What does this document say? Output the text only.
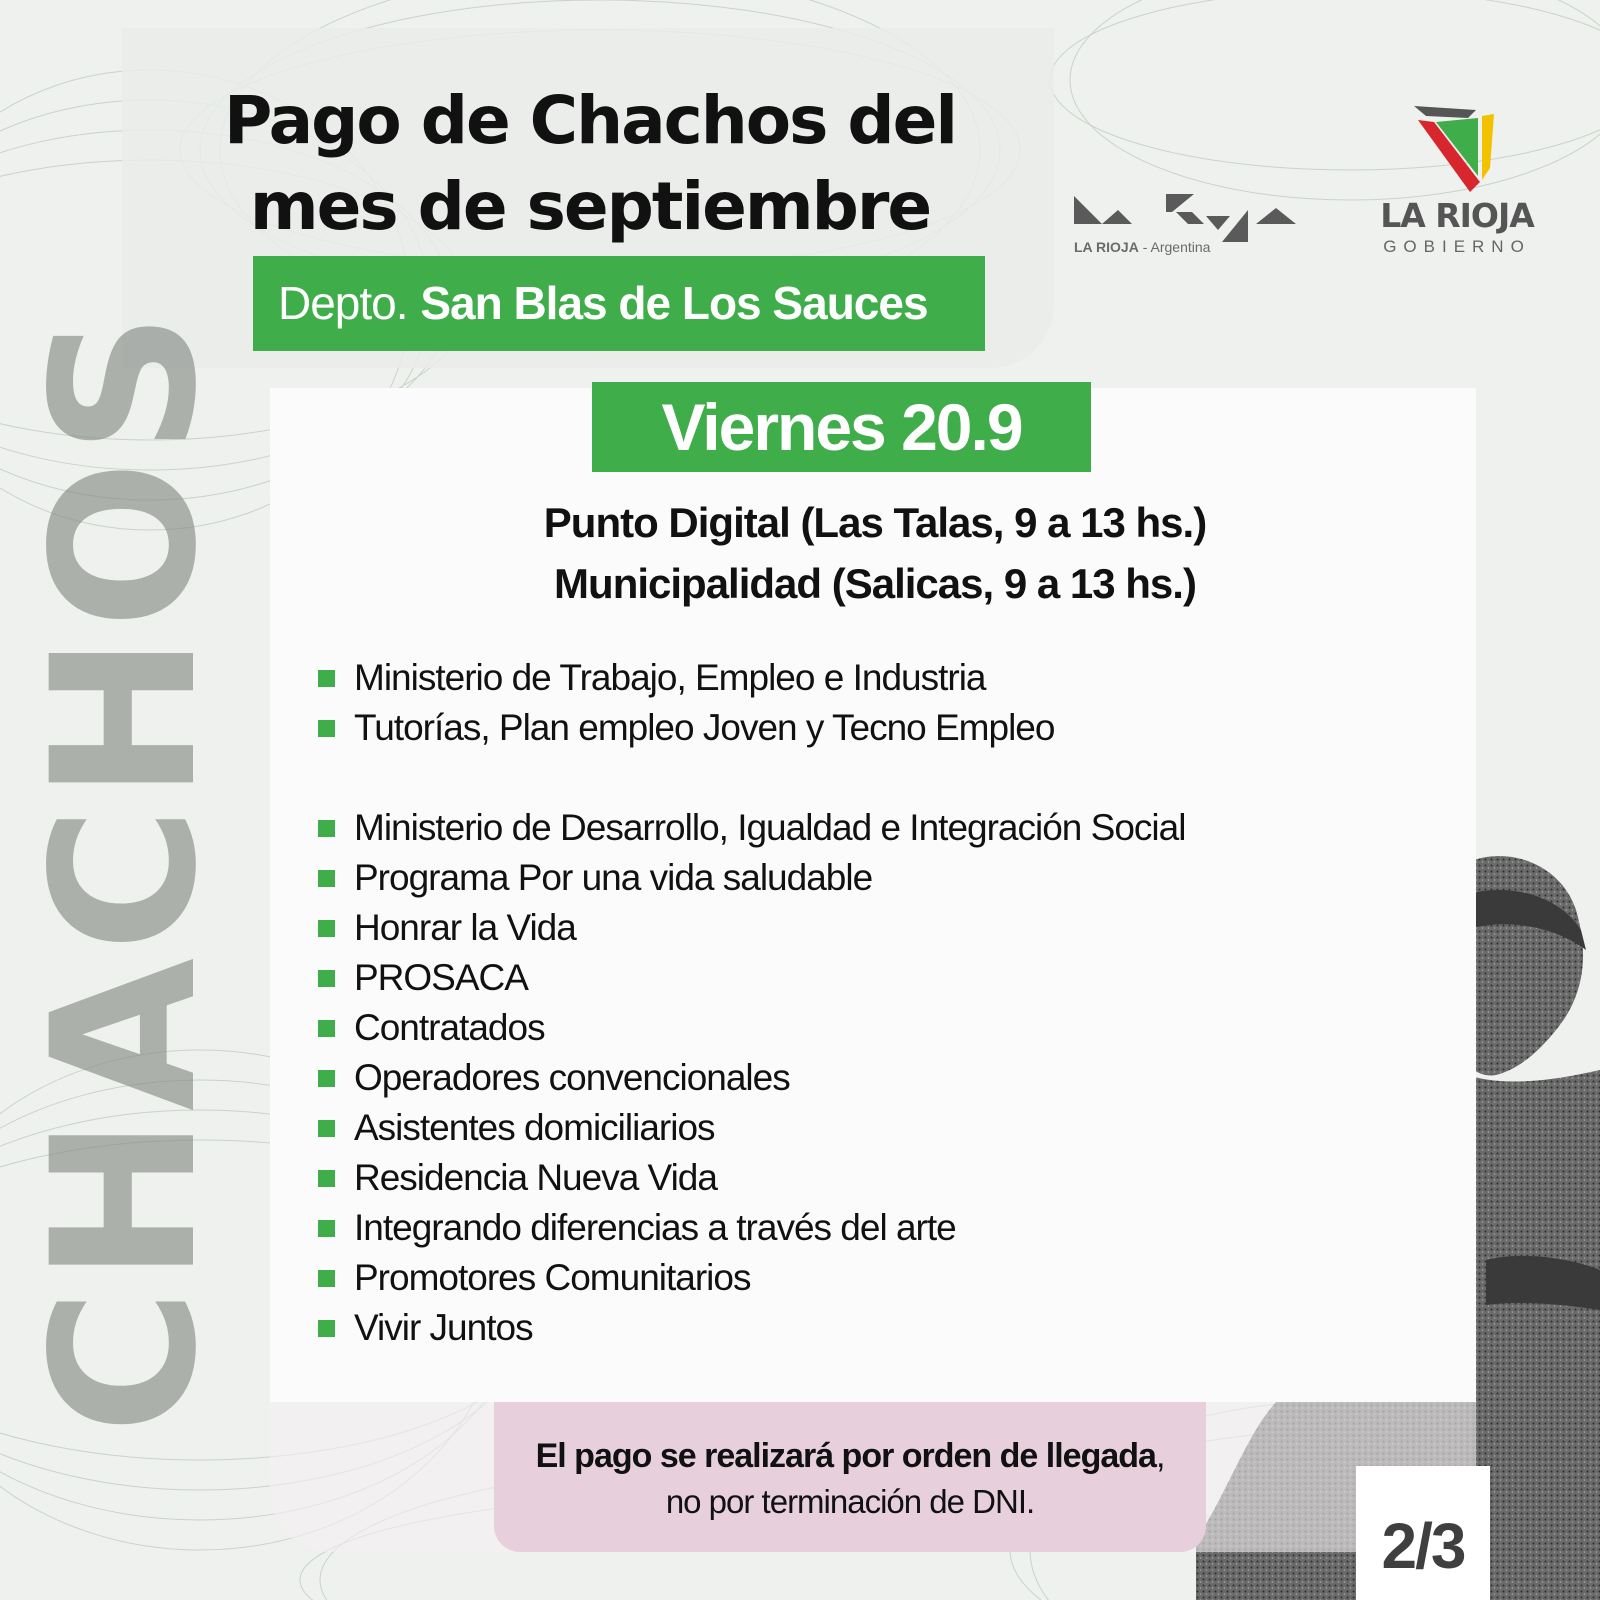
Pago de Chachos del
mes de septiembre
Depto. San Blas de Los Sauces
LA RIOJA - Argentina
LA RIOJA
GOBIERNO
CHACHOS	Viernes 20.9
Punto Digital (Las Talas, 9 a 13 hs.)
Municipalidad (Salicas, 9 a 13 hs.)
Ministerio de Trabajo, Empleo e Industria
Tutorías, Plan empleo Joven y Tecno Empleo
Ministerio de Desarrollo, Igualdad e Integración Social
Programa Por una vida saludable
Honrar la Vida
PROSACA
Contratados
Operadores convencionales
Asistentes domiciliarios
Residencia Nueva Vida
Integrando diferencias a través del arte
Promotores Comunitarios
Vivir Juntos
El pago se realizará por orden de llegada,
no por terminación de DNI.
2/3
